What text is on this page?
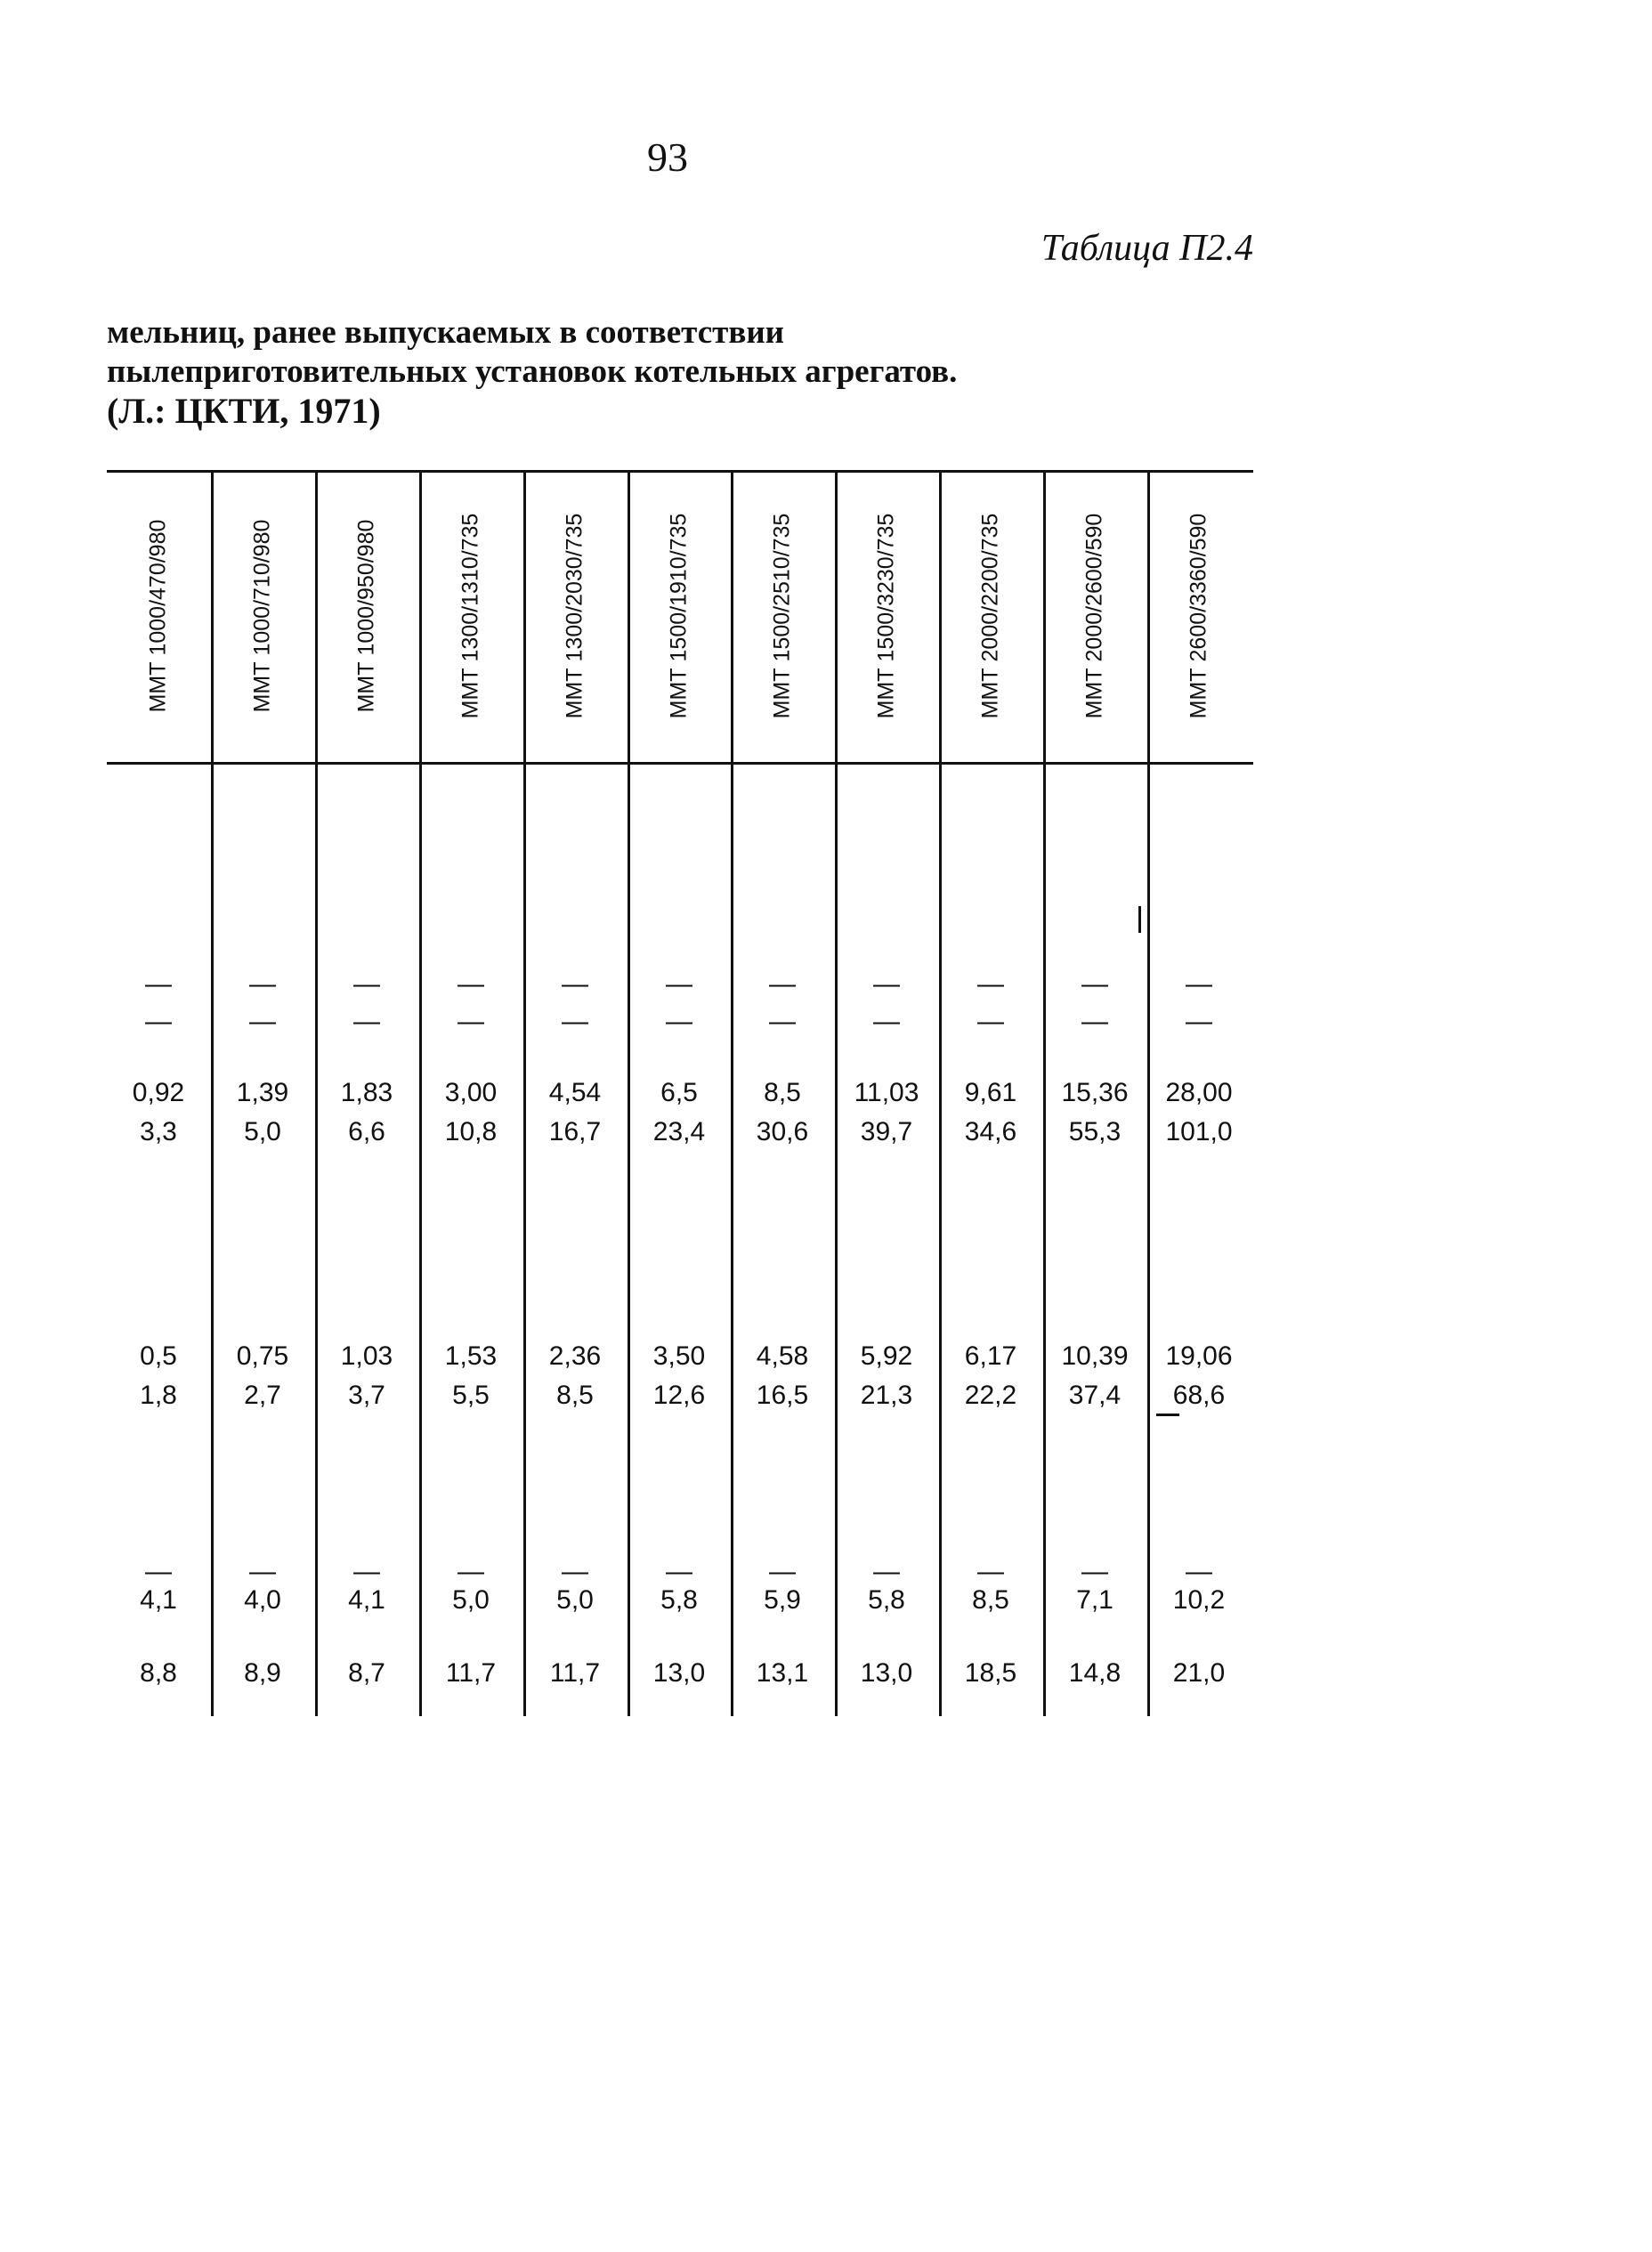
93
Таблица П2.4
мельниц, ранее выпускаемых в соответствии
пылеприготовительных установок котельных агрегатов.
(Л.: ЦКТИ, 1971)
ММТ 1000/470/980
—
—
0,92
3,3
0,5
1,8
—
4,1
8,8
ММТ 1000/710/980
—
—
1,39
5,0
0,75
2,7
—
4,0
8,9
ММТ 1000/950/980
—
—
1,83
6,6
1,03
3,7
—
4,1
8,7
ММТ 1300/1310/735
—
—
3,00
10,8
1,53
5,5
—
5,0
11,7
ММТ 1300/2030/735
—
—
4,54
16,7
2,36
8,5
—
5,0
11,7
ММТ 1500/1910/735
—
—
6,5
23,4
3,50
12,6
—
5,8
13,0
ММТ 1500/2510/735
—
—
8,5
30,6
4,58
16,5
—
5,9
13,1
ММТ 1500/3230/735
—
—
11,03
39,7
5,92
21,3
—
5,8
13,0
ММТ 2000/2200/735
—
—
9,61
34,6
6,17
22,2
—
8,5
18,5
ММТ 2000/2600/590
—
—
15,36
55,3
10,39
37,4
—
7,1
14,8
ММТ 2600/3360/590
—
—
28,00
101,0
19,06
68,6
—
10,2
21,0
